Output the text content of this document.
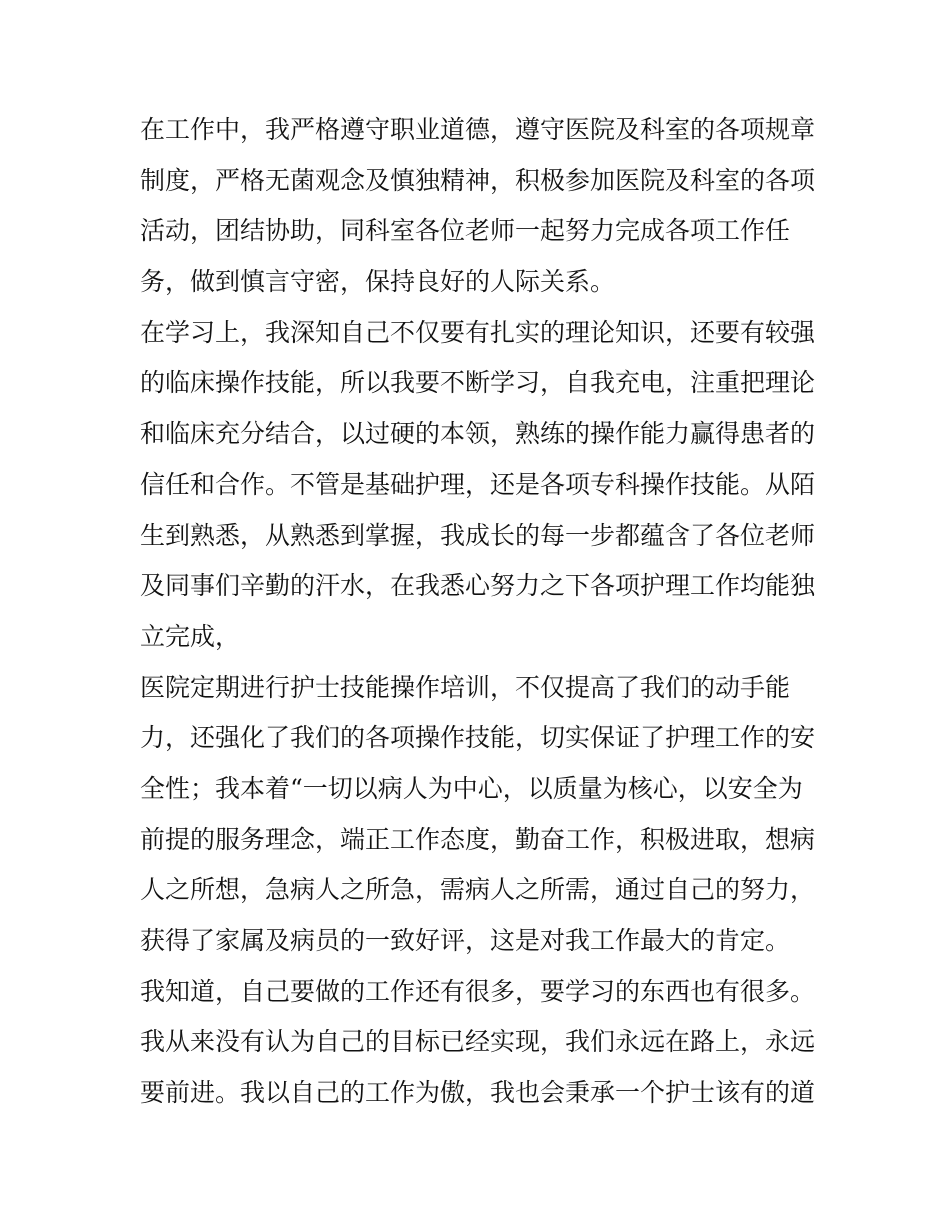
在工作中，我严格遵守职业道德，遵守医院及科室的各项规章
制度，严格无菌观念及慎独精神，积极参加医院及科室的各项
活动，团结协助，同科室各位老师一起努力完成各项工作任
务，做到慎言守密，保持良好的人际关系。
在学习上，我深知自己不仅要有扎实的理论知识，还要有较强
的临床操作技能，所以我要不断学习，自我充电，注重把理论
和临床充分结合，以过硬的本领，熟练的操作能力赢得患者的
信任和合作。不管是基础护理，还是各项专科操作技能。从陌
生到熟悉，从熟悉到掌握，我成长的每一步都蕴含了各位老师
及同事们辛勤的汗水，在我悉心努力之下各项护理工作均能独
立完成，
医院定期进行护士技能操作培训，不仅提高了我们的动手能
力，还强化了我们的各项操作技能，切实保证了护理工作的安
全性；我本着“一切以病人为中心，以质量为核心，以安全为
前提的服务理念，端正工作态度，勤奋工作，积极进取，想病
人之所想，急病人之所急，需病人之所需，通过自己的努力，
获得了家属及病员的一致好评，这是对我工作最大的肯定。
我知道，自己要做的工作还有很多，要学习的东西也有很多。
我从来没有认为自己的目标已经实现，我们永远在路上，永远
要前进。我以自己的工作为傲，我也会秉承一个护士该有的道
